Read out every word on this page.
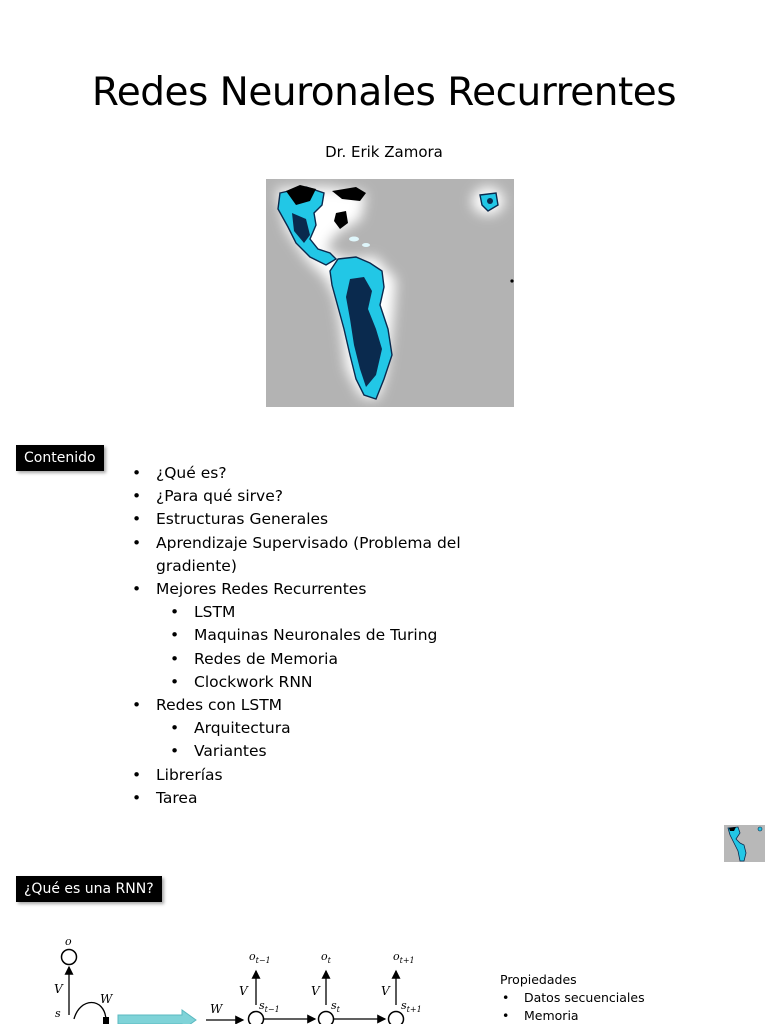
Redes Neuronales Recurrentes
Dr. Erik Zamora
Contenido
• ¿Qué es?
• ¿Para qué sirve?
• Estructuras Generales
• Aprendizaje Supervisado (Problema del gradiente)
• Mejores Redes Recurrentes
• LSTM
• Maquinas Neuronales de Turing
• Redes de Memoria
• Clockwork RNN
• Redes con LSTM
• Arquitectura
• Variantes
• Librerías
• Tarea
¿Qué es una RNN?
o
V
s
W
W
$o_{t-1}$
V
$s_{t-1}$
$o_t$
V
$s_t$
$o_{t+1}$
V
$s_{t+1}$
Propiedades
• Datos secuenciales
• Memoria
